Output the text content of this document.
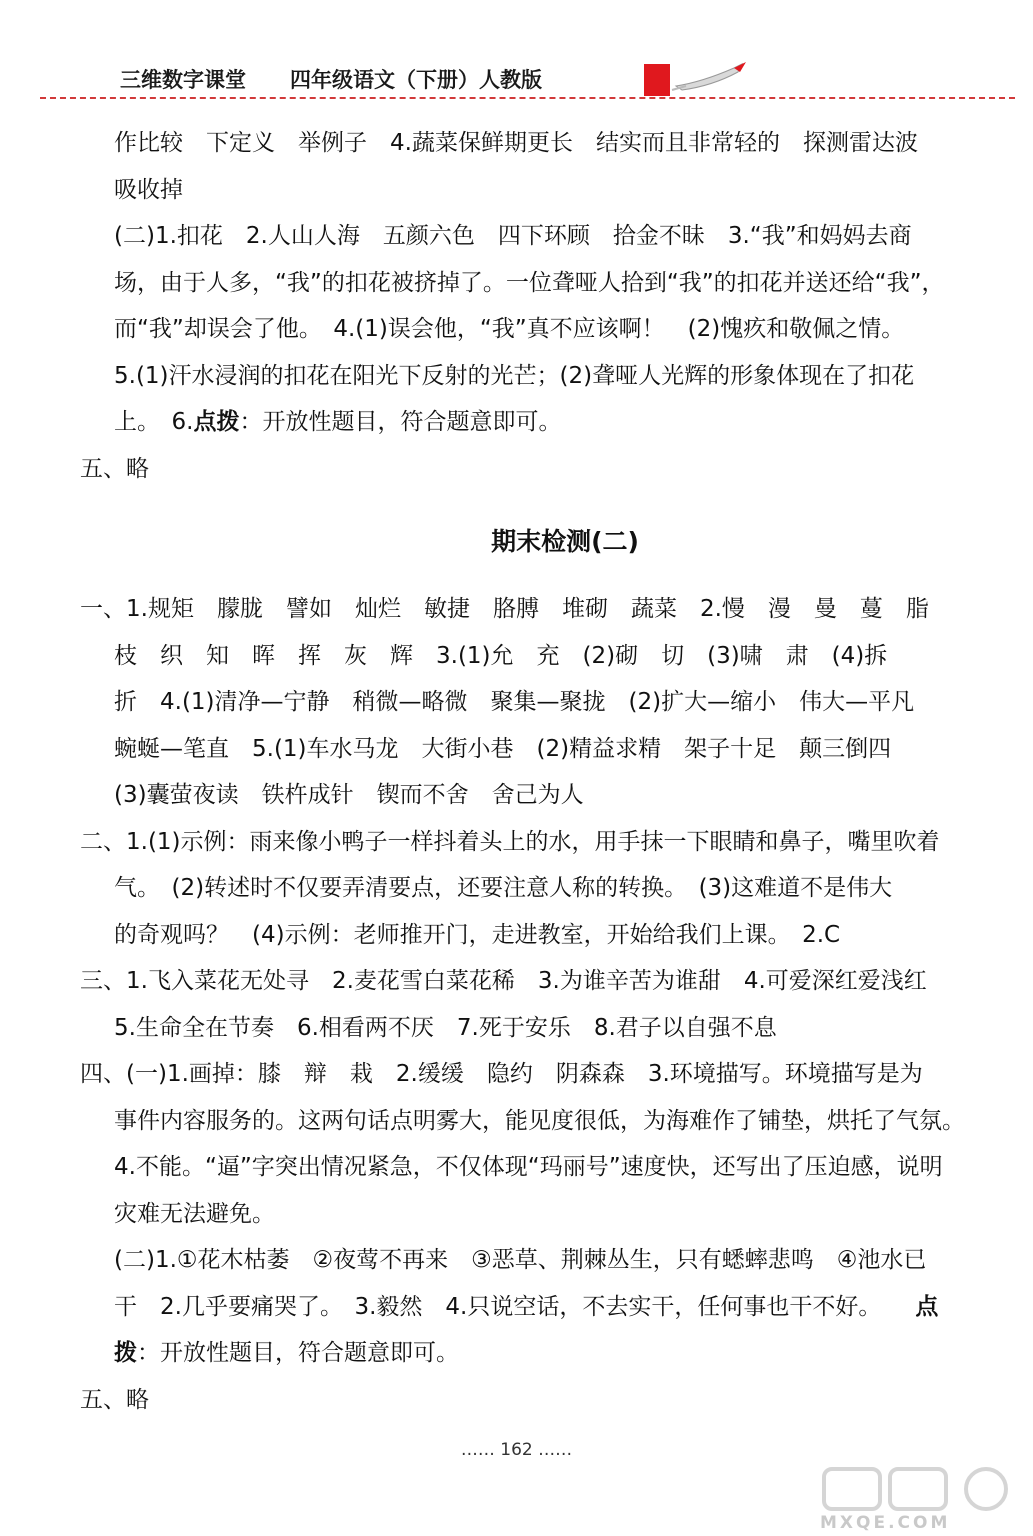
三维数字课堂 四年级语文（下册）人教版

作比较　下定义　举例子　4.蔬菜保鲜期更长　结实而且非常轻的　探测雷达波

吸收掉

(二)1.扣花　2.人山人海　五颜六色　四下环顾　拾金不昧　3.“我”和妈妈去商

场，由于人多，“我”的扣花被挤掉了。一位聋哑人拾到“我”的扣花并送还给“我”，

而“我”却误会了他。　4.(1)误会他，“我”真不应该啊！　(2)愧疚和敬佩之情。

5.(1)汗水浸润的扣花在阳光下反射的光芒；(2)聋哑人光辉的形象体现在了扣花

上。　6.点拨：开放性题目，符合题意即可。

五、略

期末检测(二)

一、1.规矩　朦胧　譬如　灿烂　敏捷　胳膊　堆砌　蔬菜　2.慢　漫　曼　蔓　脂

枝　织　知　晖　挥　灰　辉　3.(1)允　充　(2)砌　切　(3)啸　肃　(4)拆

折　4.(1)清净—宁静　稍微—略微　聚集—聚拢　(2)扩大—缩小　伟大—平凡

蜿蜒—笔直　5.(1)车水马龙　大街小巷　(2)精益求精　架子十足　颠三倒四

(3)囊萤夜读　铁杵成针　锲而不舍　舍己为人

二、1.(1)示例：雨来像小鸭子一样抖着头上的水，用手抹一下眼睛和鼻子，嘴里吹着

气。　(2)转述时不仅要弄清要点，还要注意人称的转换。　(3)这难道不是伟大

的奇观吗？　(4)示例：老师推开门，走进教室，开始给我们上课。　2.C

三、1.飞入菜花无处寻　2.麦花雪白菜花稀　3.为谁辛苦为谁甜　4.可爱深红爱浅红

5.生命全在节奏　6.相看两不厌　7.死于安乐　8.君子以自强不息

四、(一)1.画掉：膝　辩　栽　2.缓缓　隐约　阴森森　3.环境描写。环境描写是为

事件内容服务的。这两句话点明雾大，能见度很低，为海难作了铺垫，烘托了气氛。

4.不能。“逼”字突出情况紧急，不仅体现“玛丽号”速度快，还写出了压迫感，说明

灾难无法避免。

(二)1.①花木枯萎　②夜莺不再来　③恶草、荆棘丛生，只有蟋蟀悲鸣　④池水已

干　2.几乎要痛哭了。　3.毅然　4.只说空话，不去实干，任何事也干不好。 点

拨：开放性题目，符合题意即可。

五、略

…… 162 ……
MXQE.COM
